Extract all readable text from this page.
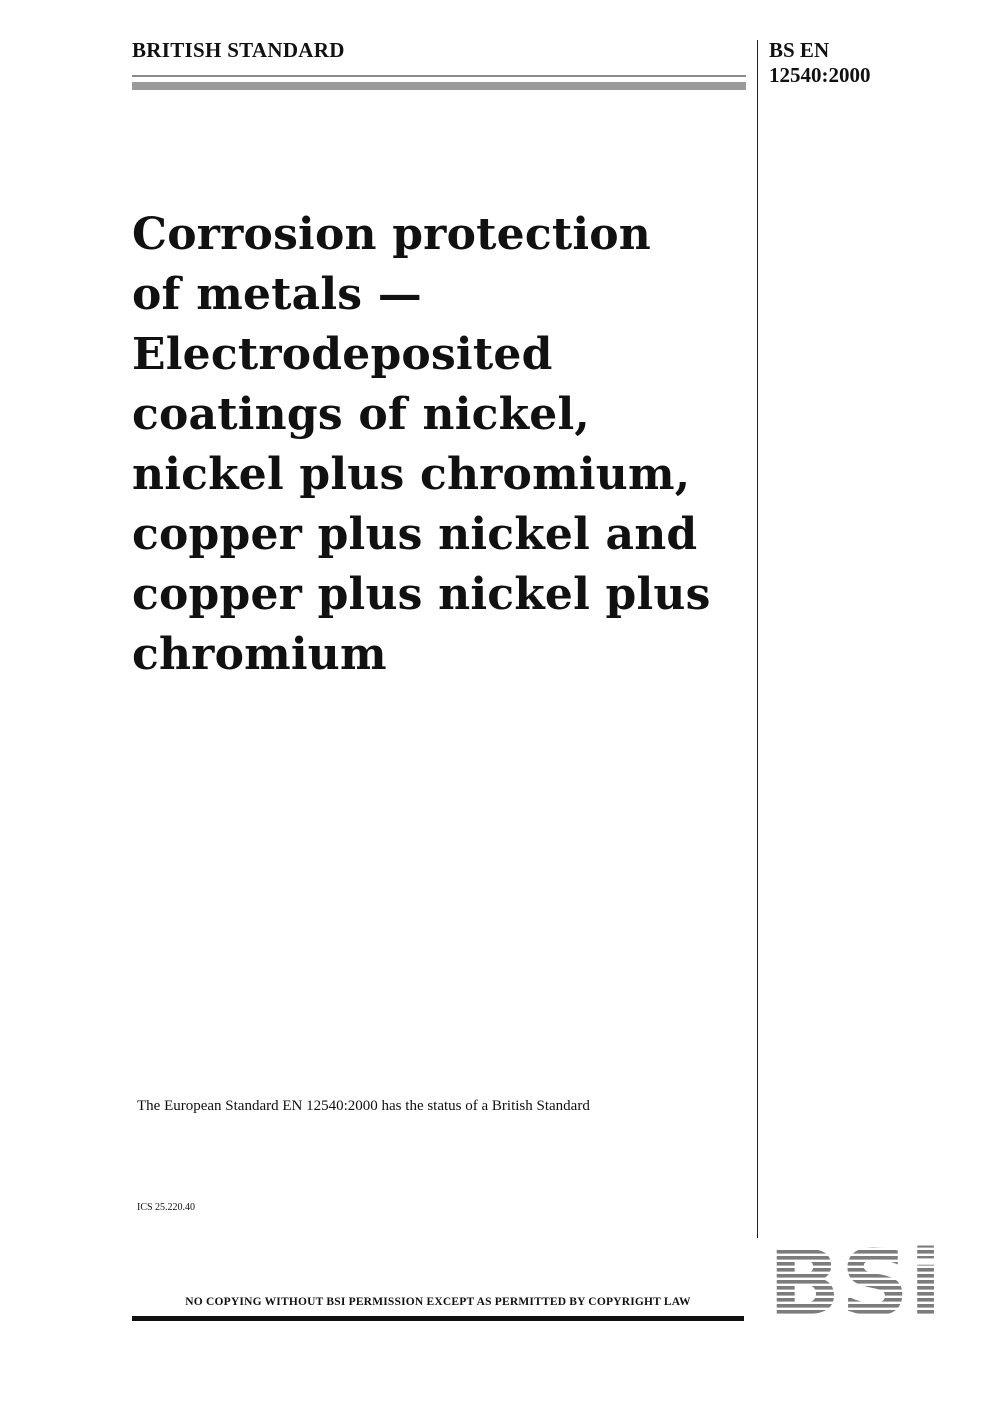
BRITISH STANDARD	BS EN
12540:2000
Corrosion protection
of metals —
Electrodeposited
coatings of nickel,
nickel plus chromium,
copper plus nickel and
copper plus nickel plus
chromium
The European Standard EN 12540:2000 has the status of a British Standard
ICS 25.220.40
NO COPYING WITHOUT BSI PERMISSION EXCEPT AS PERMITTED BY COPYRIGHT LAW
